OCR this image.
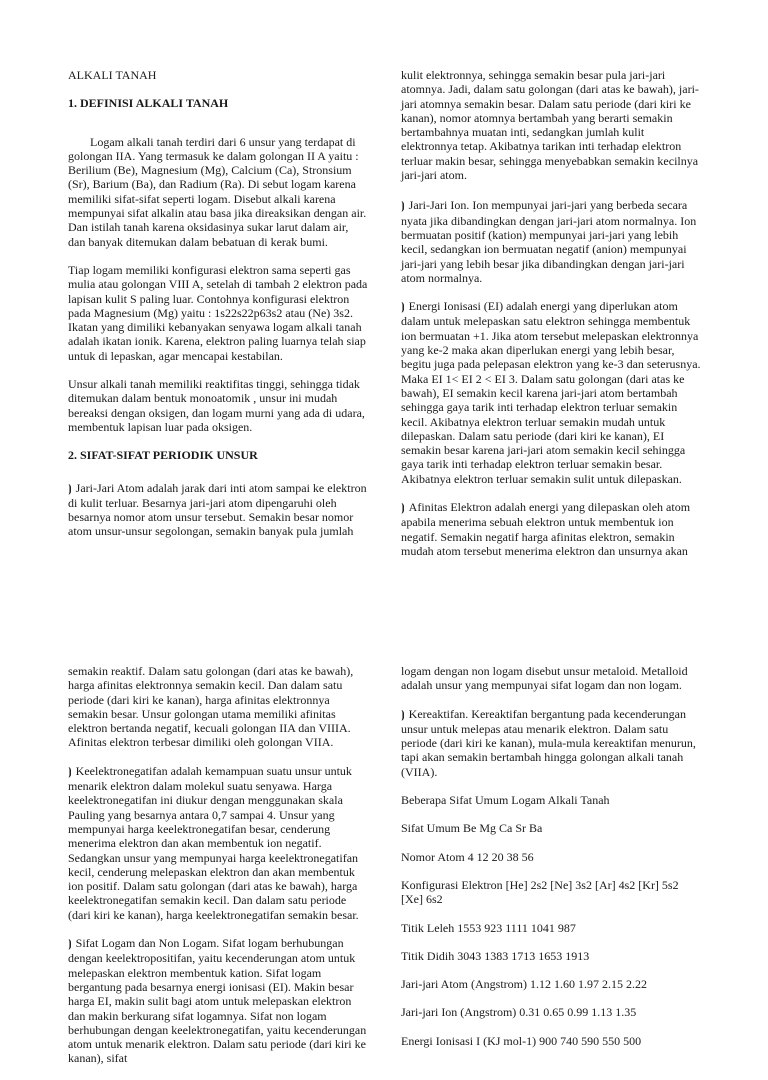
ALKALI TANAH

1. DEFINISI ALKALI TANAH

Logam alkali tanah terdiri dari 6 unsur yang terdapat di golongan IIA. Yang termasuk ke dalam golongan II A yaitu : Berilium (Be), Magnesium (Mg), Calcium (Ca), Stronsium (Sr), Barium (Ba), dan Radium (Ra). Di sebut logam karena memiliki sifat-sifat seperti logam. Disebut alkali karena mempunyai sifat alkalin atau basa jika direaksikan dengan air. Dan istilah tanah karena oksidasinya sukar larut dalam air, dan banyak ditemukan dalam bebatuan di kerak bumi.

Tiap logam memiliki konfigurasi elektron sama seperti gas mulia atau golongan VIII A, setelah di tambah 2 elektron pada lapisan kulit S paling luar. Contohnya konfigurasi elektron pada Magnesium (Mg) yaitu : 1s22s22p63s2 atau (Ne) 3s2. Ikatan yang dimiliki kebanyakan senyawa logam alkali tanah adalah ikatan ionik. Karena, elektron paling luarnya telah siap untuk di lepaskan, agar mencapai kestabilan.

Unsur alkali tanah memiliki reaktifitas tinggi, sehingga tidak ditemukan dalam bentuk monoatomik , unsur ini mudah bereaksi dengan oksigen, dan logam murni yang ada di udara, membentuk lapisan luar pada oksigen.

2. SIFAT-SIFAT PERIODIK UNSUR

⦘ Jari-Jari Atom adalah jarak dari inti atom sampai ke elektron di kulit terluar. Besarnya jari-jari atom dipengaruhi oleh besarnya nomor atom unsur tersebut. Semakin besar nomor atom unsur-unsur segolongan, semakin banyak pula jumlah

kulit elektronnya, sehingga semakin besar pula jari-jari atomnya. Jadi, dalam satu golongan (dari atas ke bawah), jari-jari atomnya semakin besar. Dalam satu periode (dari kiri ke kanan), nomor atomnya bertambah yang berarti semakin bertambahnya muatan inti, sedangkan jumlah kulit elektronnya tetap. Akibatnya tarikan inti terhadap elektron terluar makin besar, sehingga menyebabkan semakin kecilnya jari-jari atom.

⦘ Jari-Jari Ion. Ion mempunyai jari-jari yang berbeda secara nyata jika dibandingkan dengan jari-jari atom normalnya. Ion bermuatan positif (kation) mempunyai jari-jari yang lebih kecil, sedangkan ion bermuatan negatif (anion) mempunyai jari-jari yang lebih besar jika dibandingkan dengan jari-jari atom normalnya.

⦘ Energi Ionisasi (EI) adalah energi yang diperlukan atom dalam untuk melepaskan satu elektron sehingga membentuk ion bermuatan +1. Jika atom tersebut melepaskan elektronnya yang ke-2 maka akan diperlukan energi yang lebih besar, begitu juga pada pelepasan elektron yang ke-3 dan seterusnya. Maka EI 1< EI 2 < EI 3. Dalam satu golongan (dari atas ke bawah), EI semakin kecil karena jari-jari atom bertambah sehingga gaya tarik inti terhadap elektron terluar semakin kecil. Akibatnya elektron terluar semakin mudah untuk dilepaskan. Dalam satu periode (dari kiri ke kanan), EI semakin besar karena jari-jari atom semakin kecil sehingga gaya tarik inti terhadap elektron terluar semakin besar. Akibatnya elektron terluar semakin sulit untuk dilepaskan.

⦘ Afinitas Elektron adalah energi yang dilepaskan oleh atom apabila menerima sebuah elektron untuk membentuk ion negatif. Semakin negatif harga afinitas elektron, semakin mudah atom tersebut menerima elektron dan unsurnya akan

semakin reaktif. Dalam satu golongan (dari atas ke bawah), harga afinitas elektronnya semakin kecil. Dan dalam satu periode (dari kiri ke kanan), harga afinitas elektronnya semakin besar. Unsur golongan utama memiliki afinitas elektron bertanda negatif, kecuali golongan IIA dan VIIIA. Afinitas elektron terbesar dimiliki oleh golongan VIIA.

⦘ Keelektronegatifan adalah kemampuan suatu unsur untuk menarik elektron dalam molekul suatu senyawa. Harga keelektronegatifan ini diukur dengan menggunakan skala Pauling yang besarnya antara 0,7 sampai 4. Unsur yang mempunyai harga keelektronegatifan besar, cenderung menerima elektron dan akan membentuk ion negatif. Sedangkan unsur yang mempunyai harga keelektronegatifan kecil, cenderung melepaskan elektron dan akan membentuk ion positif. Dalam satu golongan (dari atas ke bawah), harga keelektronegatifan semakin kecil. Dan dalam satu periode (dari kiri ke kanan), harga keelektronegatifan semakin besar.

⦘ Sifat Logam dan Non Logam. Sifat logam berhubungan dengan keelektropositifan, yaitu kecenderungan atom untuk melepaskan elektron membentuk kation. Sifat logam bergantung pada besarnya energi ionisasi (EI). Makin besar harga EI, makin sulit bagi atom untuk melepaskan elektron dan makin berkurang sifat logamnya. Sifat non logam berhubungan dengan keelektronegatifan, yaitu kecenderungan atom untuk menarik elektron. Dalam satu periode (dari kiri ke kanan), sifat

logam dengan non logam disebut unsur metaloid. Metalloid adalah unsur yang mempunyai sifat logam dan non logam.

⦘ Kereaktifan. Kereaktifan bergantung pada kecenderungan unsur untuk melepas atau menarik elektron. Dalam satu periode (dari kiri ke kanan), mula-mula kereaktifan menurun, tapi akan semakin bertambah hingga golongan alkali tanah (VIIA).

Beberapa Sifat Umum Logam Alkali Tanah

Sifat Umum Be Mg Ca Sr Ba

Nomor Atom 4 12 20 38 56

Konfigurasi Elektron [He] 2s2 [Ne] 3s2 [Ar] 4s2 [Kr] 5s2 [Xe] 6s2

Titik Leleh 1553 923 1111 1041 987

Titik Didih 3043 1383 1713 1653 1913

Jari-jari Atom (Angstrom) 1.12 1.60 1.97 2.15 2.22

Jari-jari Ion (Angstrom) 0.31 0.65 0.99 1.13 1.35

Energi Ionisasi I (KJ mol-1) 900 740 590 550 500
